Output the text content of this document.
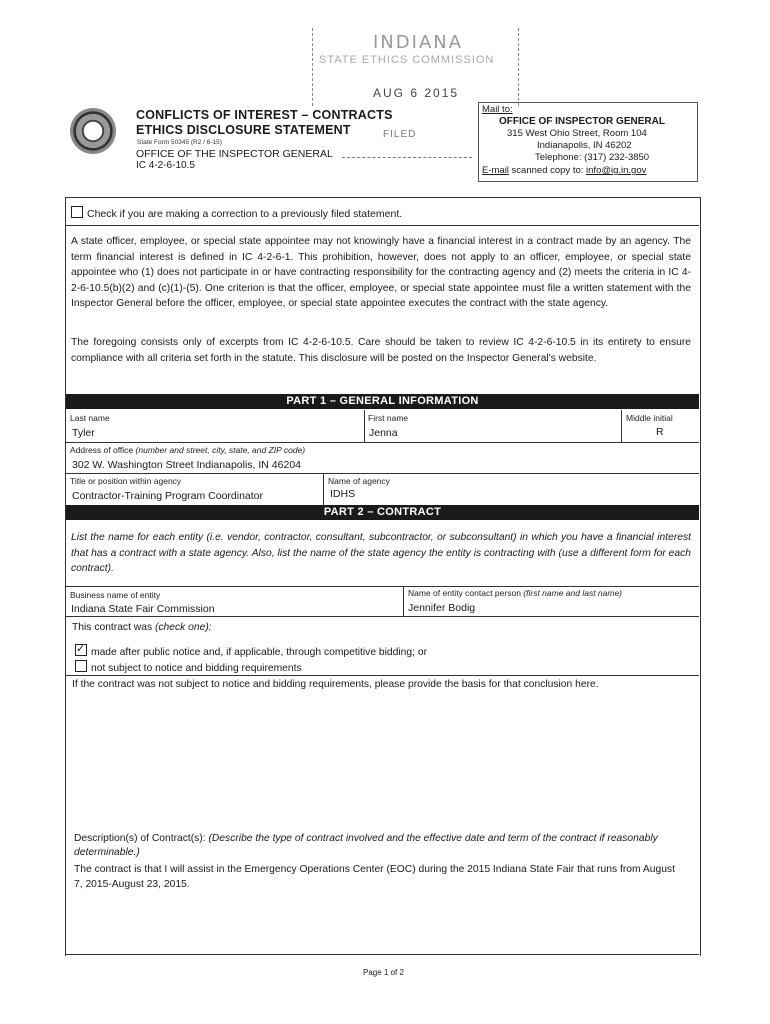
INDIANA
STATE ETHICS COMMISSION
AUG 6 2015
FILED
CONFLICTS OF INTEREST – CONTRACTS
ETHICS DISCLOSURE STATEMENT
State Form 50345 (R2 / 6-15)
OFFICE OF THE INSPECTOR GENERAL
IC 4-2-6-10.5
Mail to:
OFFICE OF INSPECTOR GENERAL
315 West Ohio Street, Room 104
Indianapolis, IN 46202
Telephone: (317) 232-3850
E-mail scanned copy to: info@ig.in.gov
Check if you are making a correction to a previously filed statement.
A state officer, employee, or special state appointee may not knowingly have a financial interest in a contract made by an agency. The term financial interest is defined in IC 4-2-6-1. This prohibition, however, does not apply to an officer, employee, or special state appointee who (1) does not participate in or have contracting responsibility for the contracting agency and (2) meets the criteria in IC 4-2-6-10.5(b)(2) and (c)(1)-(5). One criterion is that the officer, employee, or special state appointee must file a written statement with the Inspector General before the officer, employee, or special state appointee executes the contract with the state agency.
The foregoing consists only of excerpts from IC 4-2-6-10.5. Care should be taken to review IC 4-2-6-10.5 in its entirety to ensure compliance with all criteria set forth in the statute. This disclosure will be posted on the Inspector General's website.
PART 1 – GENERAL INFORMATION
Last name
Tyler
First name
Jenna
Middle initial
R
Address of office (number and street, city, state, and ZIP code)
302 W. Washington Street Indianapolis, IN 46204
Title or position within agency
Contractor-Training Program Coordinator
Name of agency
IDHS
PART 2 – CONTRACT
List the name for each entity (i.e. vendor, contractor, consultant, subcontractor, or subconsultant) in which you have a financial interest that has a contract with a state agency. Also, list the name of the state agency the entity is contracting with (use a different form for each contract).
Business name of entity
Indiana State Fair Commission
Name of entity contact person (first name and last name)
Jennifer Bodig
This contract was (check one):
✓made after public notice and, if applicable, through competitive bidding; or
not subject to notice and bidding requirements
If the contract was not subject to notice and bidding requirements, please provide the basis for that conclusion here.
Description(s) of Contract(s): (Describe the type of contract involved and the effective date and term of the contract if reasonably determinable.)
The contract is that I will assist in the Emergency Operations Center (EOC) during the 2015 Indiana State Fair that runs from August 7, 2015-August 23, 2015.
Page 1 of 2
